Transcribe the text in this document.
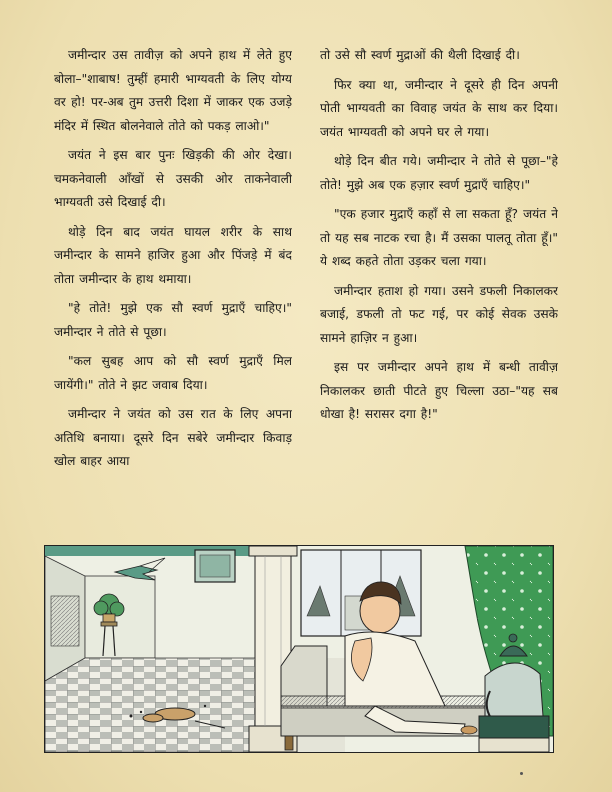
जमीन्दार उस तावीज़ को अपने हाथ में लेते हुए बोला–"शाबाष! तुम्हीं हमारी भाग्यवती के लिए योग्य वर हो! पर-अब तुम उत्तरी दिशा में जाकर एक उजड़े मंदिर में स्थित बोलनेवाले तोते को पकड़ लाओ।"

जयंत ने इस बार पुनः खिड़की की ओर देखा। चमकनेवाली आँखों से उसकी ओर ताकनेवाली भाग्यवती उसे दिखाई दी।

थोड़े दिन बाद जयंत घायल शरीर के साथ जमीन्दार के सामने हाजिर हुआ और पिंजड़े में बंद तोता जमीन्दार के हाथ थमाया।

"हे तोते! मुझे एक सौ स्वर्ण मुद्राएँ चाहिए।" जमीन्दार ने तोते से पूछा।

"कल सुबह आप को सौ स्वर्ण मुद्राएँ मिल जायेंगी।" तोते ने झट जवाब दिया।

जमीन्दार ने जयंत को उस रात के लिए अपना अतिथि बनाया। दूसरे दिन सबेरे जमीन्दार किवाड़ खोल बाहर आया

तो उसे सौ स्वर्ण मुद्राओं की थैली दिखाई दी।

फिर क्या था, जमीन्दार ने दूसरे ही दिन अपनी पोती भाग्यवती का विवाह जयंत के साथ कर दिया। जयंत भाग्यवती को अपने घर ले गया।

थोड़े दिन बीत गये। जमीन्दार ने तोते से पूछा–"हे तोते! मुझे अब एक हज़ार स्वर्ण मुद्राएँ चाहिए।"

"एक हजार मुद्राएँ कहाँ से ला सकता हूँ? जयंत ने तो यह सब नाटक रचा है। मैं उसका पालतू तोता हूँ।" ये शब्द कहते तोता उड़कर चला गया।

जमीन्दार हताश हो गया। उसने डफली निकालकर बजाई, डफली तो फट गई, पर कोई सेवक उसके सामने हाज़िर न हुआ।

इस पर जमीन्दार अपने हाथ में बन्धी तावीज़ निकालकर छाती पीटते हुए चिल्ला उठा–"यह सब धोखा है! सरासर दगा है!"
